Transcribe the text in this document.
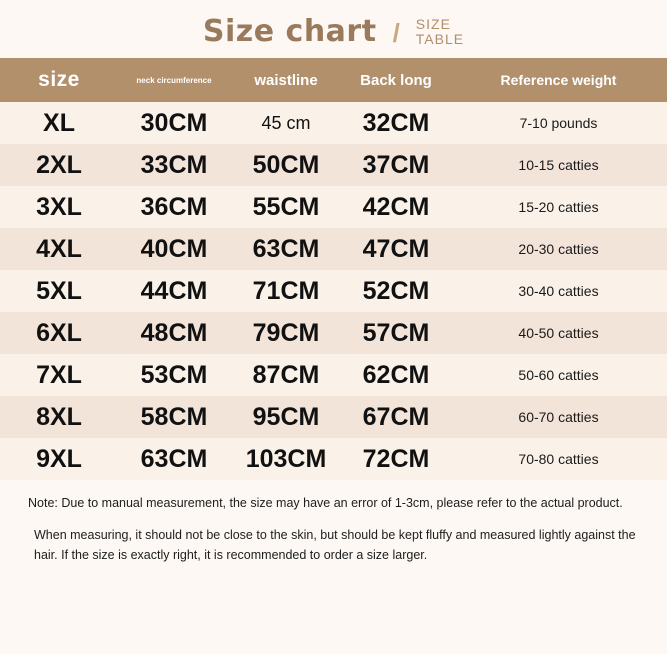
Size chart / SIZE
TABLE
size	neck circumference	waistline	Back long	Reference weight
XL	30CM	45 cm	32CM	7-10 pounds
2XL	33CM	50CM	37CM	10-15 catties
3XL	36CM	55CM	42CM	15-20 catties
4XL	40CM	63CM	47CM	20-30 catties
5XL	44CM	71CM	52CM	30-40 catties
6XL	48CM	79CM	57CM	40-50 catties
7XL	53CM	87CM	62CM	50-60 catties
8XL	58CM	95CM	67CM	60-70 catties
9XL	63CM	103CM	72CM	70-80 catties

Note: Due to manual measurement, the size may have an error of 1-3cm, please refer to the actual product.

When measuring, it should not be close to the skin, but should be kept fluffy and measured lightly against the hair. If the size is exactly right, it is recommended to order a size larger.
